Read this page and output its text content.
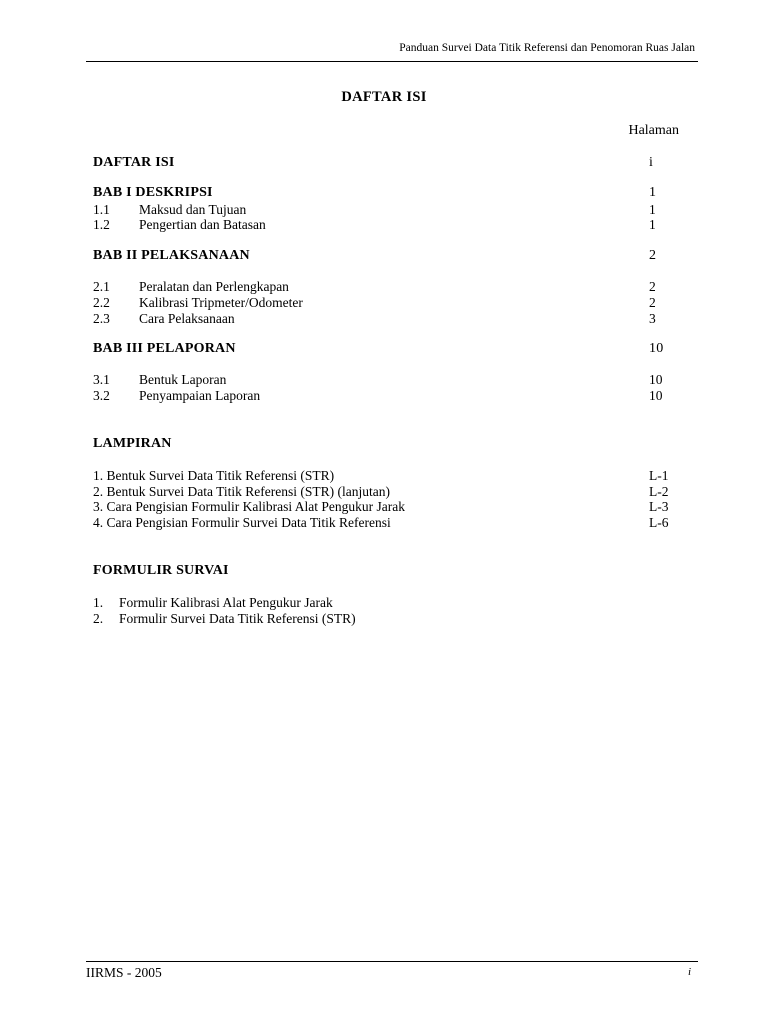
Panduan Survei Data Titik Referensi dan Penomoran Ruas Jalan
DAFTAR ISI
Halaman
DAFTAR ISI	i
BAB I DESKRIPSI	1
1.1 Maksud dan Tujuan	1
1.2 Pengertian dan Batasan	1
BAB II PELAKSANAAN	2
2.1 Peralatan dan Perlengkapan	2
2.2 Kalibrasi Tripmeter/Odometer	2
2.3 Cara Pelaksanaan	3
BAB III PELAPORAN	10
3.1 Bentuk Laporan	10
3.2 Penyampaian Laporan	10
LAMPIRAN
1. Bentuk Survei Data Titik Referensi (STR)	L-1
2. Bentuk Survei Data Titik Referensi (STR) (lanjutan)	L-2
3. Cara Pengisian Formulir Kalibrasi Alat Pengukur Jarak	L-3
4. Cara Pengisian Formulir Survei Data Titik Referensi	L-6
FORMULIR SURVAI
1. Formulir Kalibrasi Alat Pengukur Jarak
2. Formulir Survei Data Titik Referensi (STR)
IIRMS - 2005	i
